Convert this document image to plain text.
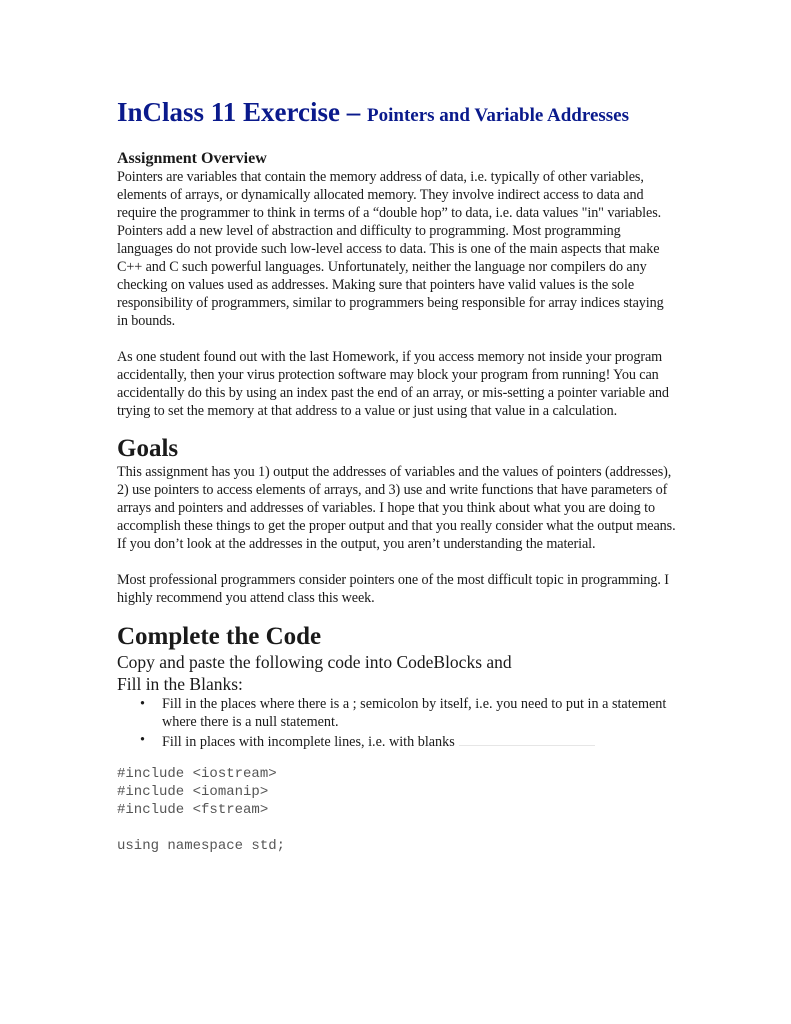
InClass 11 Exercise – Pointers and Variable Addresses
Assignment Overview

Pointers are variables that contain the memory address of data, i.e. typically of other variables, elements of arrays, or dynamically allocated memory. They involve indirect access to data and require the programmer to think in terms of a “double hop” to data, i.e. data values "in" variables. Pointers add a new level of abstraction and difficulty to programming. Most programming languages do not provide such low-level access to data. This is one of the main aspects that make C++ and C such powerful languages. Unfortunately, neither the language nor compilers do any checking on values used as addresses. Making sure that pointers have valid values is the sole responsibility of programmers, similar to programmers being responsible for array indices staying in bounds.

As one student found out with the last Homework, if you access memory not inside your program accidentally, then your virus protection software may block your program from running! You can accidentally do this by using an index past the end of an array, or mis-setting a pointer variable and trying to set the memory at that address to a value or just using that value in a calculation.

Goals

This assignment has you 1) output the addresses of variables and the values of pointers (addresses), 2) use pointers to access elements of arrays, and 3) use and write functions that have parameters of arrays and pointers and addresses of variables. I hope that you think about what you are doing to accomplish these things to get the proper output and that you really consider what the output means. If you don’t look at the addresses in the output, you aren’t understanding the material.

Most professional programmers consider pointers one of the most difficult topic in programming. I highly recommend you attend class this week.

Complete the Code

Copy and paste the following code into CodeBlocks and

Fill in the Blanks:

• Fill in the places where there is a ; semicolon by itself, i.e. you need to put in a statement where there is a null statement.
• Fill in places with incomplete lines, i.e. with blanks
#include <iostream>
#include <iomanip>
#include <fstream>

using namespace std;
